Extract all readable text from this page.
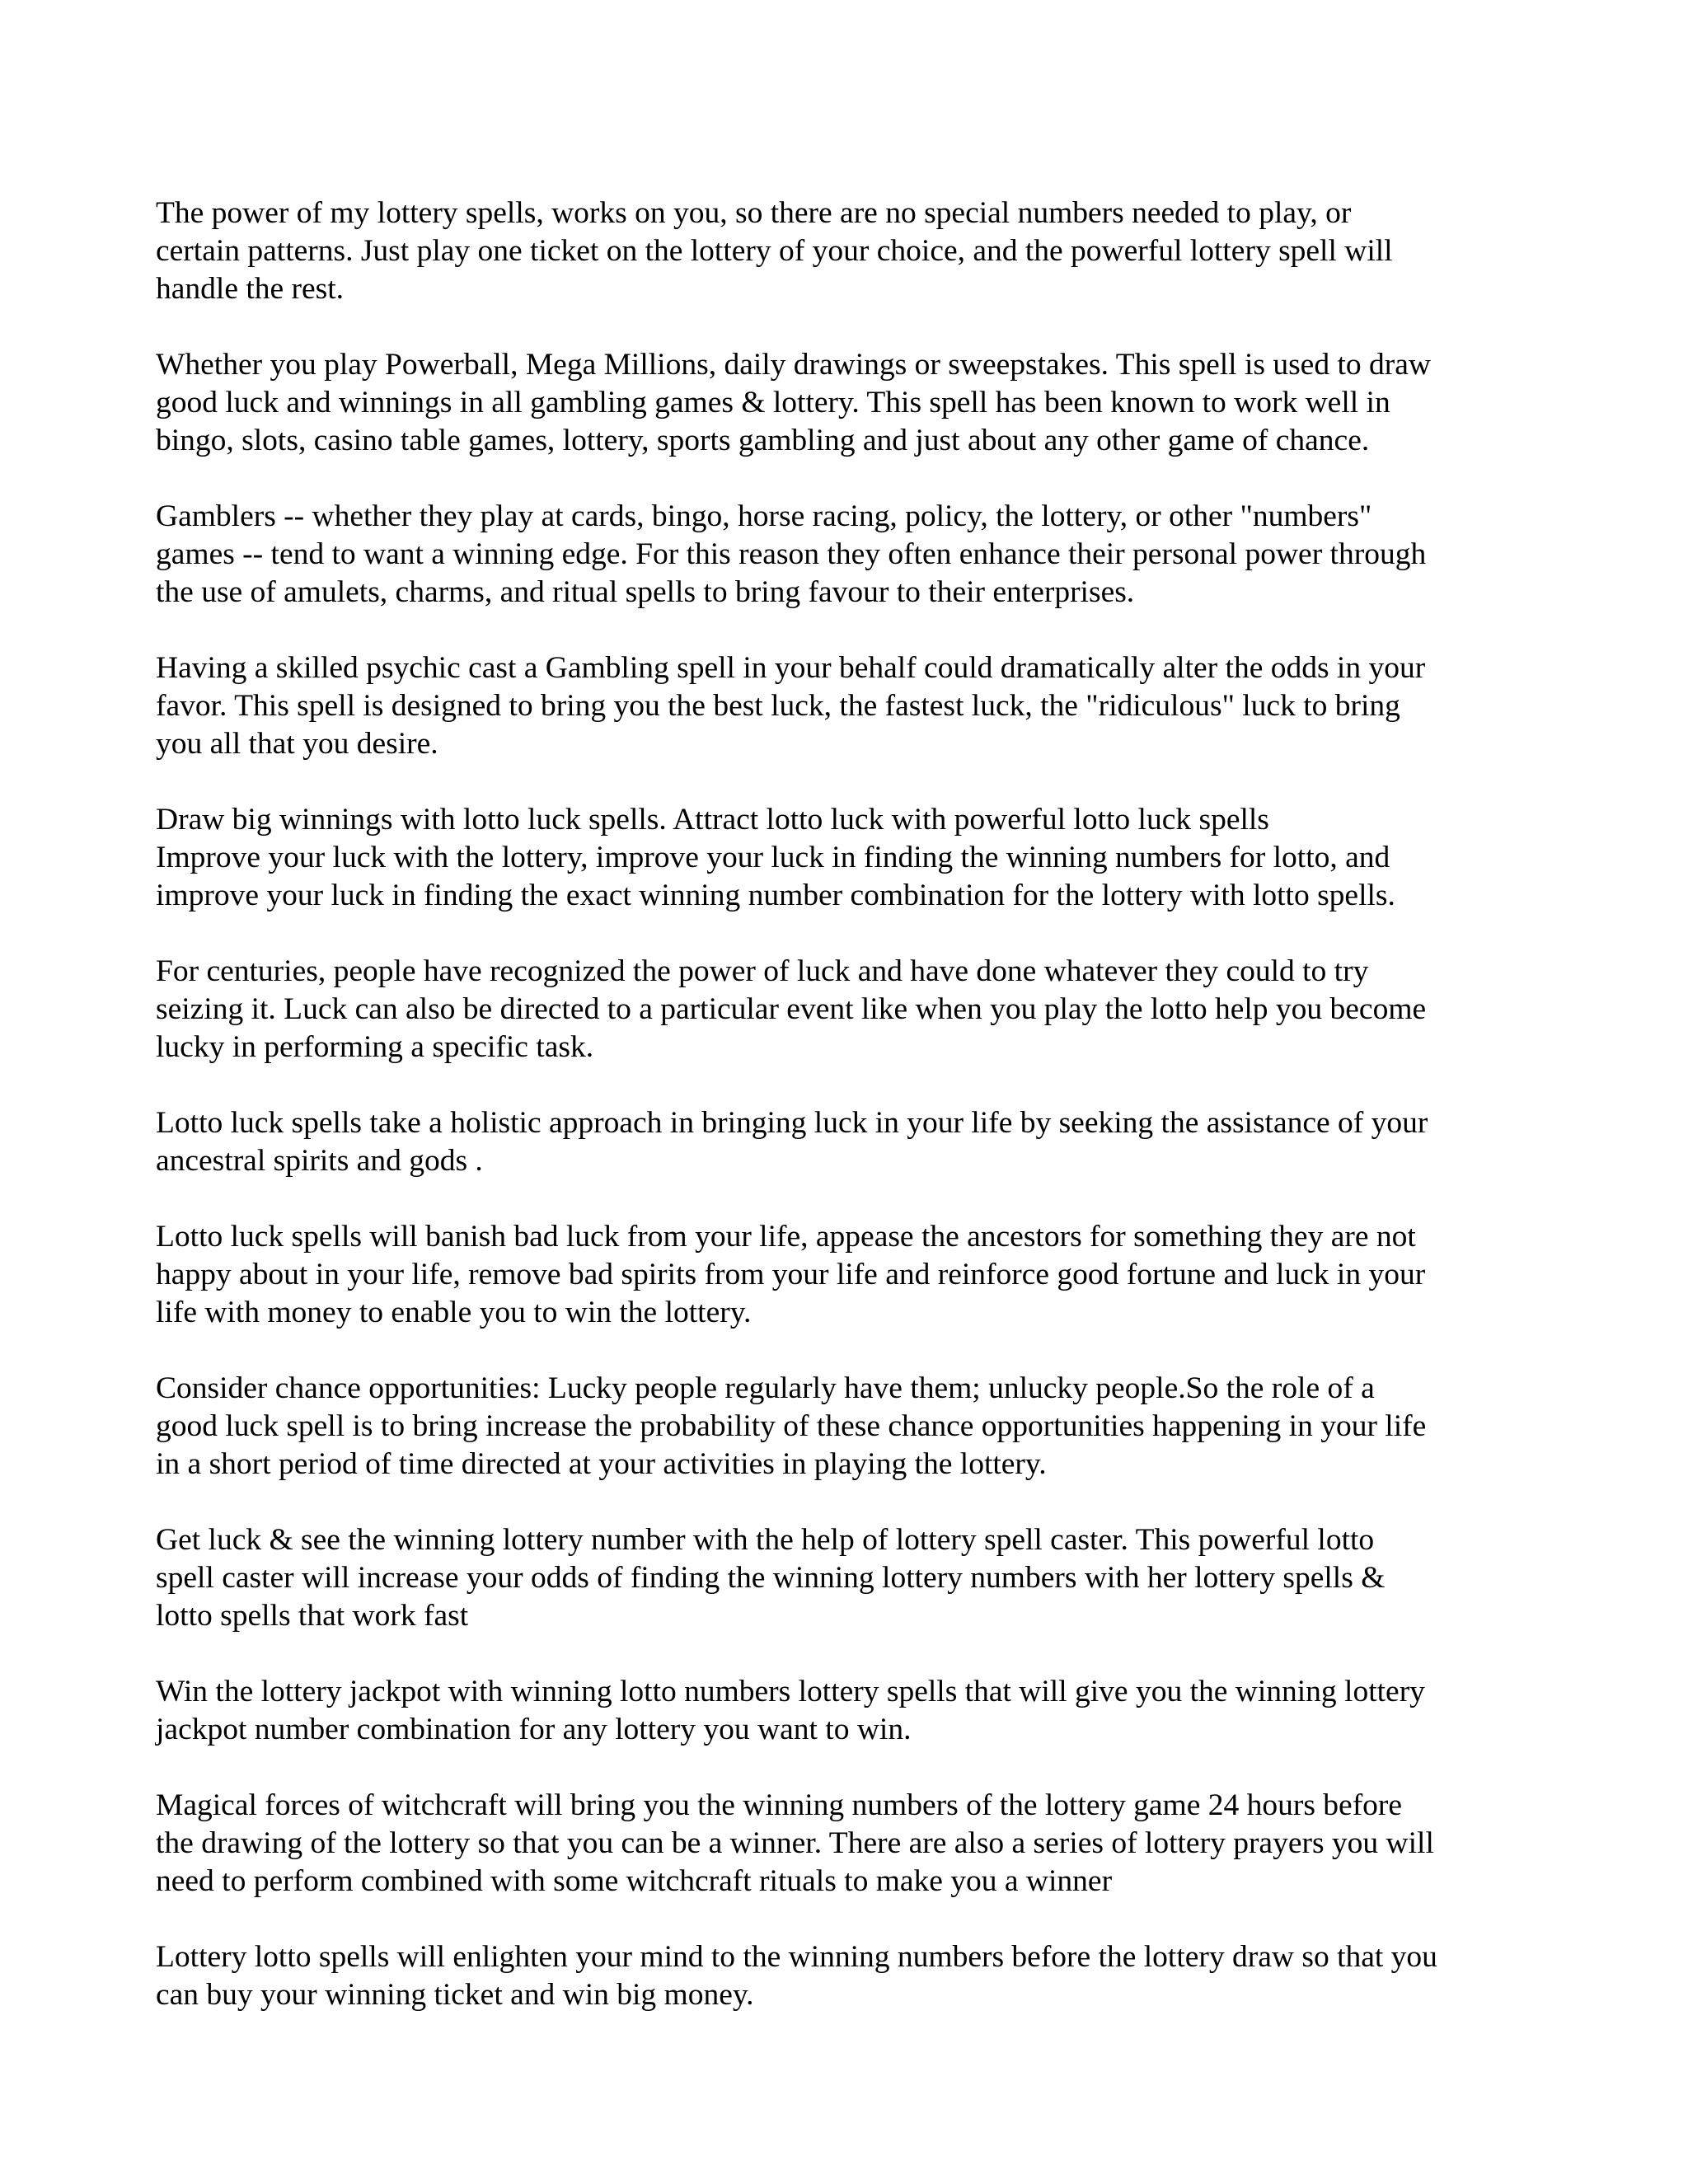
The power of my lottery spells, works on you, so there are no special numbers needed to play, or
certain patterns. Just play one ticket on the lottery of your choice, and the powerful lottery spell will
handle the rest.

Whether you play Powerball, Mega Millions, daily drawings or sweepstakes. This spell is used to draw
good luck and winnings in all gambling games & lottery. This spell has been known to work well in
bingo, slots, casino table games, lottery, sports gambling and just about any other game of chance.

Gamblers -- whether they play at cards, bingo, horse racing, policy, the lottery, or other "numbers"
games -- tend to want a winning edge. For this reason they often enhance their personal power through
the use of amulets, charms, and ritual spells to bring favour to their enterprises.

Having a skilled psychic cast a Gambling spell in your behalf could dramatically alter the odds in your
favor. This spell is designed to bring you the best luck, the fastest luck, the "ridiculous" luck to bring
you all that you desire.

Draw big winnings with lotto luck spells. Attract lotto luck with powerful lotto luck spells
Improve your luck with the lottery, improve your luck in finding the winning numbers for lotto, and
improve your luck in finding the exact winning number combination for the lottery with lotto spells.

For centuries, people have recognized the power of luck and have done whatever they could to try
seizing it. Luck can also be directed to a particular event like when you play the lotto help you become
lucky in performing a specific task.

Lotto luck spells take a holistic approach in bringing luck in your life by seeking the assistance of your
ancestral spirits and gods .

Lotto luck spells will banish bad luck from your life, appease the ancestors for something they are not
happy about in your life, remove bad spirits from your life and reinforce good fortune and luck in your
life with money to enable you to win the lottery.

Consider chance opportunities: Lucky people regularly have them; unlucky people.So the role of a
good luck spell is to bring increase the probability of these chance opportunities happening in your life
in a short period of time directed at your activities in playing the lottery.

Get luck & see the winning lottery number with the help of lottery spell caster. This powerful lotto
spell caster will increase your odds of finding the winning lottery numbers with her lottery spells &
lotto spells that work fast

Win the lottery jackpot with winning lotto numbers lottery spells that will give you the winning lottery
jackpot number combination for any lottery you want to win.

Magical forces of witchcraft will bring you the winning numbers of the lottery game 24 hours before
the drawing of the lottery so that you can be a winner. There are also a series of lottery prayers you will
need to perform combined with some witchcraft rituals to make you a winner

Lottery lotto spells will enlighten your mind to the winning numbers before the lottery draw so that you
can buy your winning ticket and win big money.
